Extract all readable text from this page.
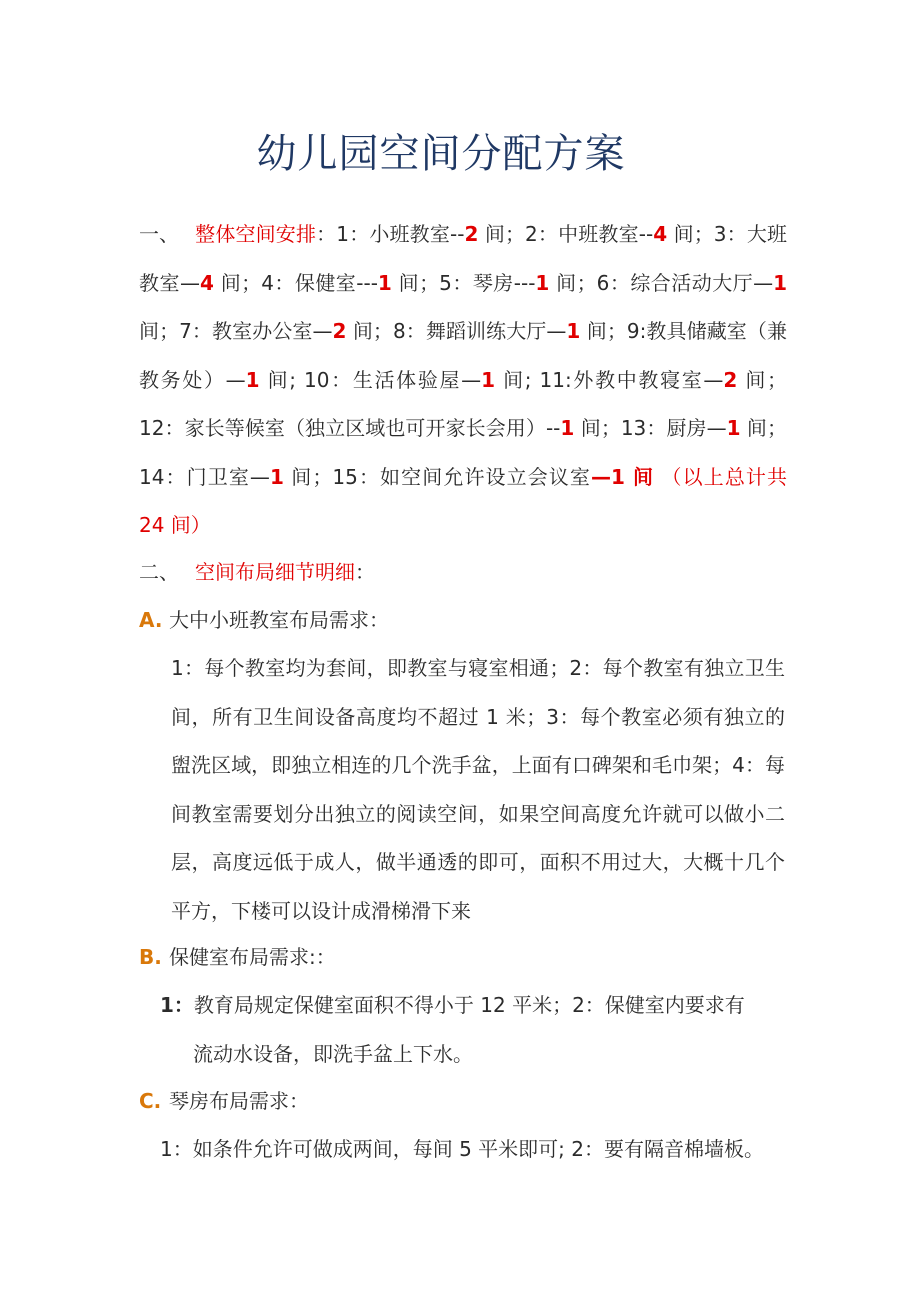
幼儿园空间分配方案

一、 整体空间安排：1：小班教室--2 间；2：中班教室--4 间；3：大班教室—4 间；4：保健室---1 间；5：琴房---1 间；6：综合活动大厅—1 间；7：教室办公室—2 间；8：舞蹈训练大厅—1 间；9:教具储藏室（兼教务处）—1 间; 10：生活体验屋—1 间; 11:外教中教寝室—2 间；12：家长等候室（独立区域也可开家长会用）--1 间；13：厨房—1 间；14：门卫室—1 间；15：如空间允许设立会议室—1 间 （以上总计共 24 间）

二、 空间布局细节明细：

A. 大中小班教室布局需求：

1：每个教室均为套间，即教室与寝室相通；2：每个教室有独立卫生间，所有卫生间设备高度均不超过 1 米；3：每个教室必须有独立的盥洗区域，即独立相连的几个洗手盆，上面有口碑架和毛巾架；4：每间教室需要划分出独立的阅读空间，如果空间高度允许就可以做小二层，高度远低于成人，做半通透的即可，面积不用过大，大概十几个平方，下楼可以设计成滑梯滑下来

B. 保健室布局需求:：

1：教育局规定保健室面积不得小于 12 平米；2：保健室内要求有
流动水设备，即洗手盆上下水。

C. 琴房布局需求：

1：如条件允许可做成两间，每间 5 平米即可; 2：要有隔音棉墙板。
